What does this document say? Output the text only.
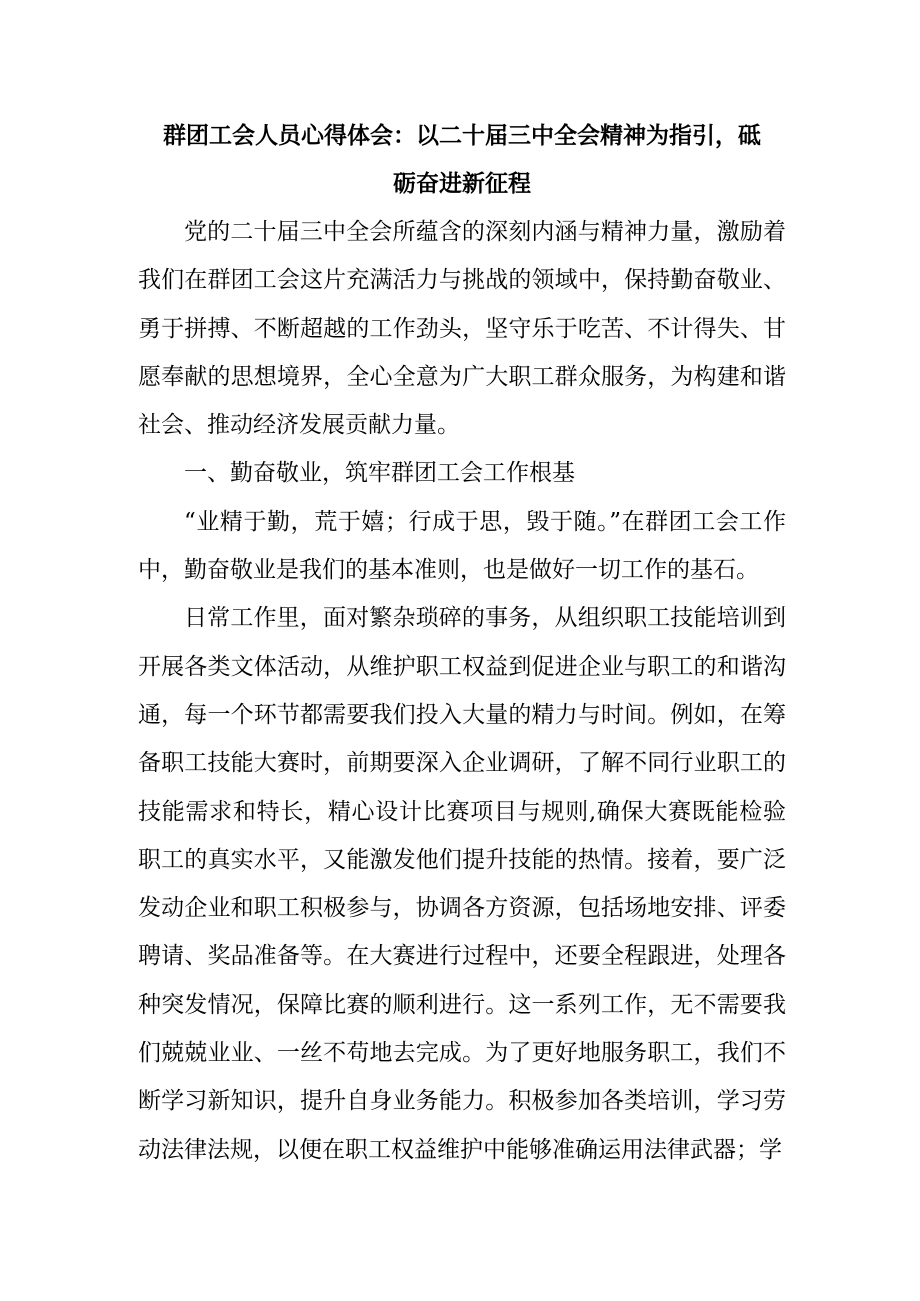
群团工会人员心得体会：以二十届三中全会精神为指引，砥
砺奋进新征程

党的二十届三中全会所蕴含的深刻内涵与精神力量，激励着我们在群团工会这片充满活力与挑战的领域中，保持勤奋敬业、勇于拼搏、不断超越的工作劲头，坚守乐于吃苦、不计得失、甘愿奉献的思想境界，全心全意为广大职工群众服务，为构建和谐社会、推动经济发展贡献力量。

一、勤奋敬业，筑牢群团工会工作根基

“业精于勤，荒于嬉；行成于思，毁于随。”在群团工会工作中，勤奋敬业是我们的基本准则，也是做好一切工作的基石。

日常工作里，面对繁杂琐碎的事务，从组织职工技能培训到开展各类文体活动，从维护职工权益到促进企业与职工的和谐沟通，每一个环节都需要我们投入大量的精力与时间。例如，在筹备职工技能大赛时，前期要深入企业调研，了解不同行业职工的技能需求和特长，精心设计比赛项目与规则,确保大赛既能检验职工的真实水平，又能激发他们提升技能的热情。接着，要广泛发动企业和职工积极参与，协调各方资源，包括场地安排、评委聘请、奖品准备等。在大赛进行过程中，还要全程跟进，处理各种突发情况，保障比赛的顺利进行。这一系列工作，无不需要我们兢兢业业、一丝不苟地去完成。为了更好地服务职工，我们不断学习新知识，提升自身业务能力。积极参加各类培训，学习劳动法律法规，以便在职工权益维护中能够准确运用法律武器；学
